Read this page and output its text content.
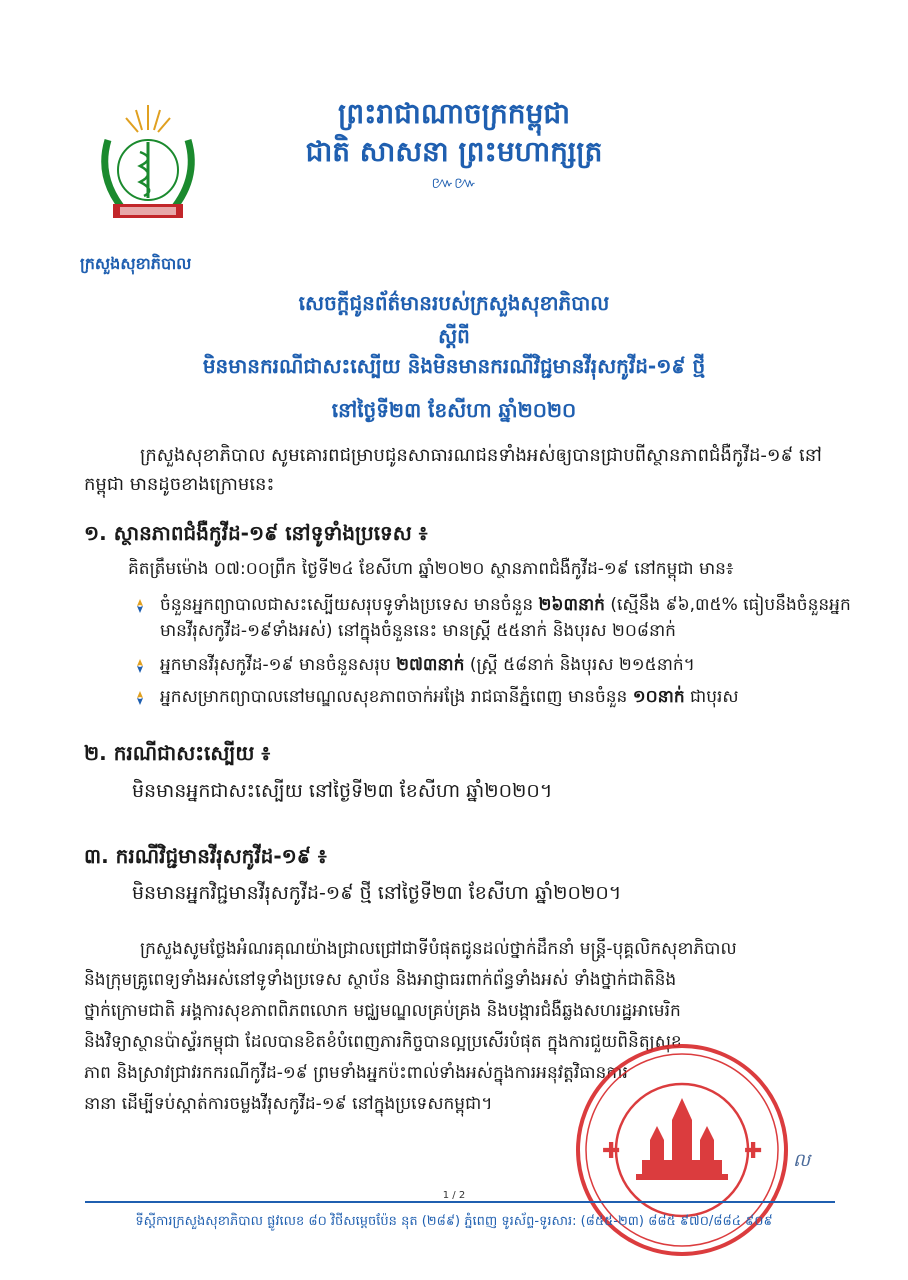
ក្រសួងសុខាភិបាល
ព្រះរាជាណាចក្រកម្ពុជា
ជាតិ សាសនា ព្រះមហាក្សត្រ
៚៚
សេចក្តីជូនព័ត៌មានរបស់ក្រសួងសុខាភិបាល
ស្តីពី
មិនមានករណីជាសះស្បើយ និងមិនមានករណីវិជ្ជមានវីរុសកូវីដ-១៩ ថ្មី
នៅថ្ងៃទី២៣ ខែសីហា ឆ្នាំ២០២០
ក្រសួងសុខាភិបាល សូមគោរពជម្រាបជូនសាធារណជនទាំងអស់ឲ្យបានជ្រាបពីស្ថានភាពជំងឺកូវីដ-១៩ នៅកម្ពុជា មានដូចខាងក្រោមនេះ
១. ស្ថានភាពជំងឺកូវីដ-១៩ នៅទូទាំងប្រទេស ៖
គិតត្រឹមម៉ោង ០៧:០០ព្រឹក ថ្ងៃទី២៤ ខែសីហា ឆ្នាំ២០២០ ស្ថានភាពជំងឺកូវីដ-១៩ នៅកម្ពុជា មាន៖
ចំនួនអ្នកព្យាបាលជាសះស្បើយសរុបទូទាំងប្រទេស មានចំនួន ២៦៣នាក់ (ស្មើនឹង ៩៦,៣៥% ធៀបនឹងចំនួនអ្នកមានវីរុសកូវីដ-១៩ទាំងអស់) នៅក្នុងចំនួននេះ មានស្ត្រី ៥៥នាក់ និងបុរស ២០៨នាក់
អ្នកមានវីរុសកូវីដ-១៩ មានចំនួនសរុប ២៧៣នាក់ (ស្ត្រី ៥៨នាក់ និងបុរស ២១៥នាក់។
អ្នកសម្រាកព្យាបាលនៅមណ្ឌលសុខភាពចាក់អង្រែ រាជធានីភ្នំពេញ មានចំនួន ១០នាក់ ជាបុរស
២. ករណីជាសះស្បើយ ៖
មិនមានអ្នកជាសះស្បើយ នៅថ្ងៃទី២៣ ខែសីហា ឆ្នាំ២០២០។
៣. ករណីវិជ្ជមានវីរុសកូវីដ-១៩ ៖
មិនមានអ្នកវិជ្ជមានវីរុសកូវីដ-១៩ ថ្មី នៅថ្ងៃទី២៣ ខែសីហា ឆ្នាំ២០២០។
ក្រសួងសូមថ្លែងអំណរគុណយ៉ាងជ្រាលជ្រៅជាទីបំផុតជូនដល់ថ្នាក់ដឹកនាំ មន្ត្រី-បុគ្គលិកសុខាភិបាល
និងក្រុមគ្រូពេទ្យទាំងអស់នៅទូទាំងប្រទេស ស្ថាប័ន និងអាជ្ញាធរពាក់ព័ន្ធទាំងអស់ ទាំងថ្នាក់ជាតិនិង
ថ្នាក់ក្រោមជាតិ អង្គការសុខភាពពិភពលោក មជ្ឈមណ្ឌលគ្រប់គ្រង និងបង្ការជំងឺឆ្លងសហរដ្ឋអាមេរិក
និងវិទ្យាស្ថានប៉ាស្ទ័រកម្ពុជា ដែលបានខិតខំបំពេញភារកិច្ចបានល្អប្រសើរបំផុត ក្នុងការជួយពិនិត្យសុខ
ភាព និងស្រាវជ្រាវរកករណីកូវីដ-១៩ ព្រមទាំងអ្នកប៉ះពាល់ទាំងអស់ក្នុងការអនុវត្តវិធានការ
នានា ដើម្បីទប់ស្កាត់ការចម្លងវីរុសកូវីដ-១៩ នៅក្នុងប្រទេសកម្ពុជា។
✚	✚ ល
1 / 2
ទីស្តីការក្រសួងសុខាភិបាល ផ្លូវលេខ ៨០ វិថីសម្តេចប៉ែន នុត (២៨៩) ភ្នំពេញ ទូរស័ព្ទ-ទូរសារ: (៨៥៥-២៣) ៨៨៥ ៩៧០/៨៨៤ ៩០៩
